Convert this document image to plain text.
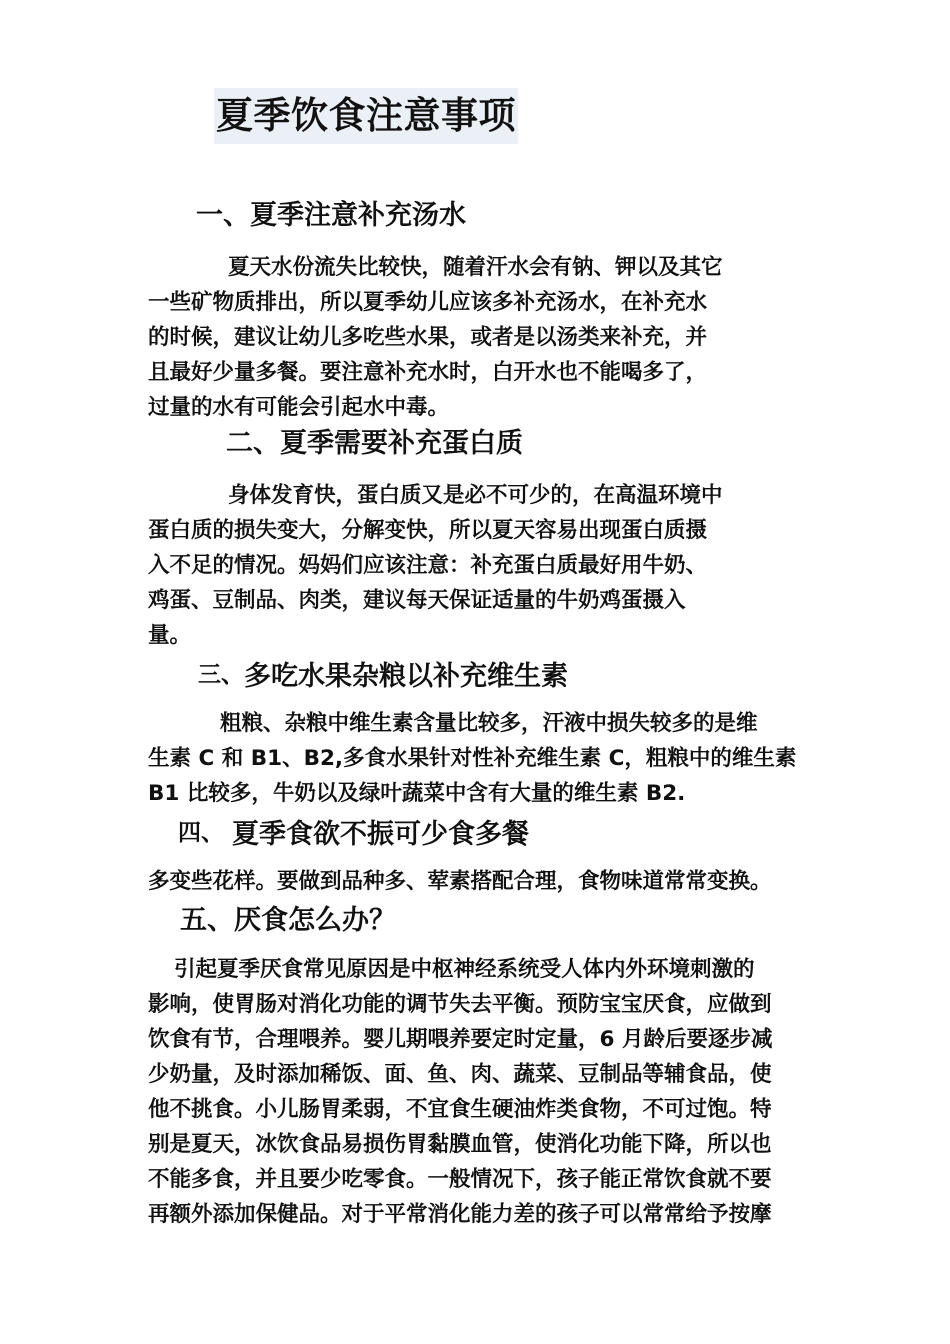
夏季饮食注意事项
一、夏季注意补充汤水
夏天水份流失比较快，随着汗水会有钠、钾以及其它
一些矿物质排出，所以夏季幼儿应该多补充汤水，在补充水
的时候，建议让幼儿多吃些水果，或者是以汤类来补充，并
且最好少量多餐。要注意补充水时，白开水也不能喝多了，
过量的水有可能会引起水中毒。
二、夏季需要补充蛋白质
身体发育快，蛋白质又是必不可少的，在高温环境中
蛋白质的损失变大，分解变快，所以夏天容易出现蛋白质摄
入不足的情况。妈妈们应该注意：补充蛋白质最好用牛奶、
鸡蛋、豆制品、肉类，建议每天保证适量的牛奶鸡蛋摄入
量。
三、多吃水果杂粮以补充维生素
粗粮、杂粮中维生素含量比较多，汗液中损失较多的是维
生素 C 和 B1、B2,多食水果针对性补充维生素 C，粗粮中的维生素
B1 比较多，牛奶以及绿叶蔬菜中含有大量的维生素 B2.
四、 夏季食欲不振可少食多餐
多变些花样。要做到品种多、荤素搭配合理，食物味道常常变换。
五、厌食怎么办？
引起夏季厌食常见原因是中枢神经系统受人体内外环境刺激的
影响，使胃肠对消化功能的调节失去平衡。预防宝宝厌食，应做到
饮食有节，合理喂养。婴儿期喂养要定时定量，6 月龄后要逐步减
少奶量，及时添加稀饭、面、鱼、肉、蔬菜、豆制品等辅食品，使
他不挑食。小儿肠胃柔弱，不宜食生硬油炸类食物，不可过饱。特
别是夏天，冰饮食品易损伤胃黏膜血管，使消化功能下降，所以也
不能多食，并且要少吃零食。一般情况下，孩子能正常饮食就不要
再额外添加保健品。对于平常消化能力差的孩子可以常常给予按摩
